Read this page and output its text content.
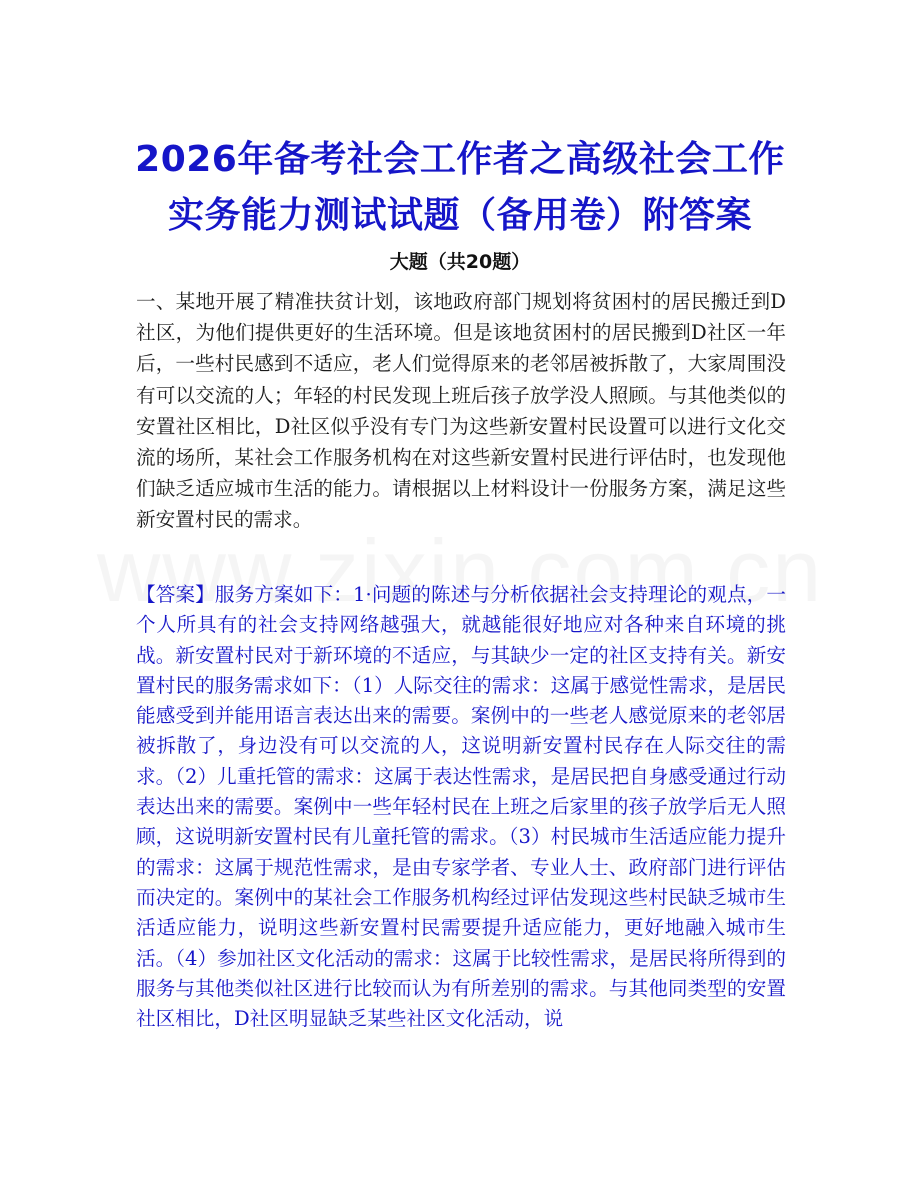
2026年备考社会工作者之高级社会工作
实务能力测试试题（备用卷）附答案
大题（共20题）
一、某地开展了精准扶贫计划，该地政府部门规划将贫困村的居民搬迁到D社区，为他们提供更好的生活环境。但是该地贫困村的居民搬到D社区一年后，一些村民感到不适应，老人们觉得原来的老邻居被拆散了，大家周围没有可以交流的人；年轻的村民发现上班后孩子放学没人照顾。与其他类似的安置社区相比，D社区似乎没有专门为这些新安置村民设置可以进行文化交流的场所，某社会工作服务机构在对这些新安置村民进行评估时，也发现他们缺乏适应城市生活的能力。请根据以上材料设计一份服务方案，满足这些新安置村民的需求。
【答案】服务方案如下：1·问题的陈述与分析依据社会支持理论的观点，一个人所具有的社会支持网络越强大，就越能很好地应对各种来自环境的挑战。新安置村民对于新环境的不适应，与其缺少一定的社区支持有关。新安置村民的服务需求如下：（1）人际交往的需求：这属于感觉性需求，是居民能感受到并能用语言表达出来的需要。案例中的一些老人感觉原来的老邻居被拆散了，身边没有可以交流的人，这说明新安置村民存在人际交往的需求。（2）儿重托管的需求：这属于表达性需求，是居民把自身感受通过行动表达出来的需要。案例中一些年轻村民在上班之后家里的孩子放学后无人照顾，这说明新安置村民有儿童托管的需求。（3）村民城市生活适应能力提升的需求：这属于规范性需求，是由专家学者、专业人士、政府部门进行评估而决定的。案例中的某社会工作服务机构经过评估发现这些村民缺乏城市生活适应能力，说明这些新安置村民需要提升适应能力，更好地融入城市生活。（4）参加社区文化活动的需求：这属于比较性需求，是居民将所得到的服务与其他类似社区进行比较而认为有所差别的需求。与其他同类型的安置社区相比，D社区明显缺乏某些社区文化活动，说
